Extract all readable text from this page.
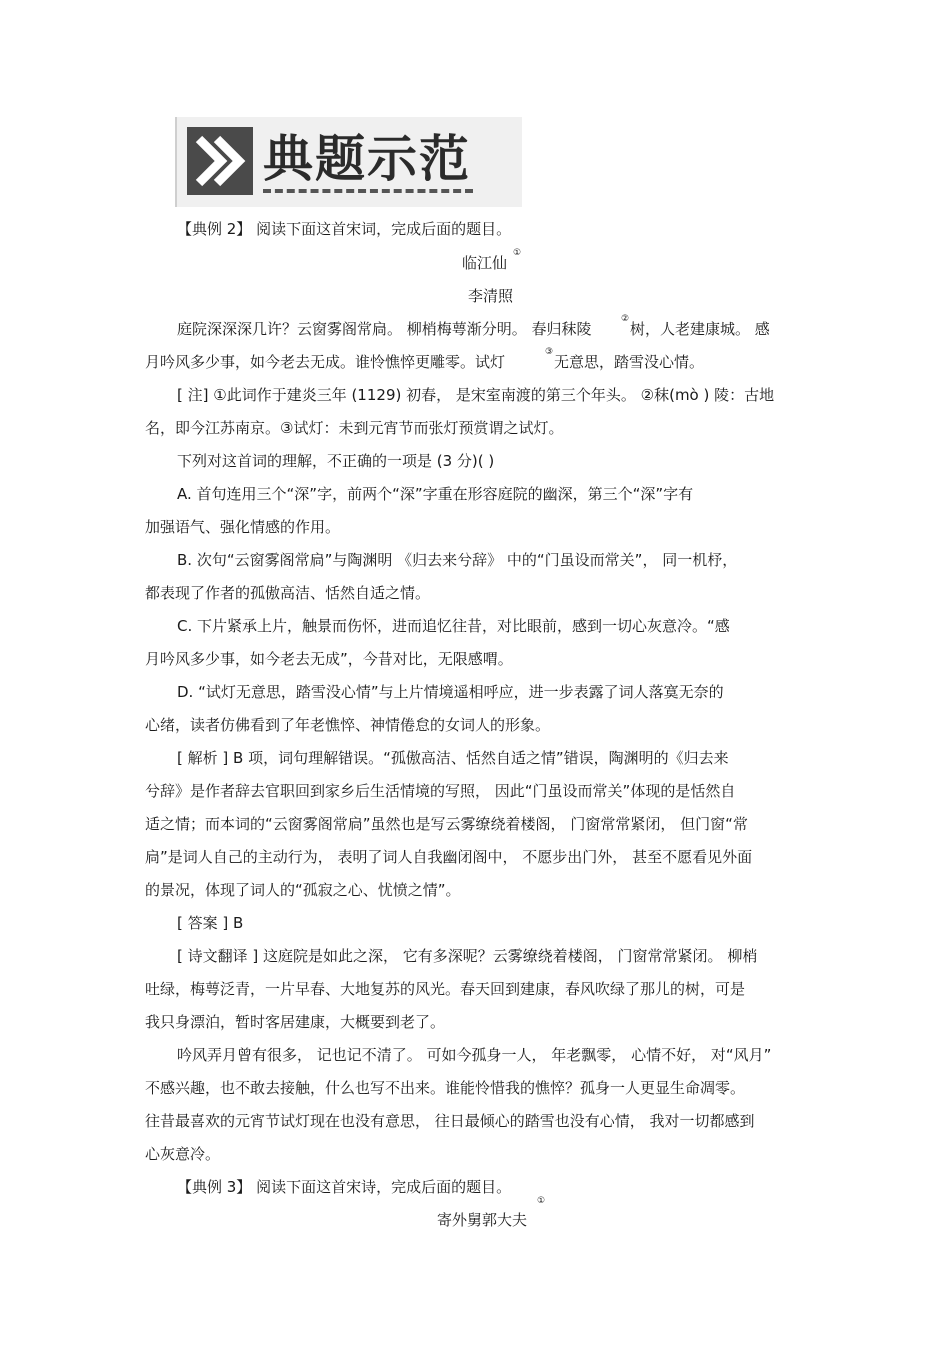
典题示范
【典例 2】 阅读下面这首宋词，完成后面的题目。
临江仙
李清照
庭院深深深几许？云窗雾阁常扃。 柳梢梅萼渐分明。 春归秣陵	树，人老建康城。 感
月吟风多少事，如今老去无成。谁怜憔悴更雕零。试灯	无意思，踏雪没心情。
[ 注] ①此词作于建炎三年 (1129) 初春， 是宋室南渡的第三个年头。 ②秣(mò ) 陵：古地
名，即今江苏南京。③试灯：未到元宵节而张灯预赏谓之试灯。
下列对这首词的理解，不正确的一项是 (3 分)( )
A. 首句连用三个“深”字，前两个“深”字重在形容庭院的幽深，第三个“深”字有
加强语气、强化情感的作用。
B. 次句“云窗雾阁常扃”与陶渊明 《归去来兮辞》 中的“门虽设而常关”， 同一机杼，
都表现了作者的孤傲高洁、恬然自适之情。
C. 下片紧承上片，触景而伤怀，进而追忆往昔，对比眼前，感到一切心灰意冷。“感
月吟风多少事，如今老去无成”，今昔对比，无限感喟。
D. “试灯无意思，踏雪没心情”与上片情境遥相呼应，进一步表露了词人落寞无奈的
心绪，读者仿佛看到了年老憔悴、神情倦怠的女词人的形象。
[ 解析 ] B 项，词句理解错误。“孤傲高洁、恬然自适之情”错误，陶渊明的《归去来
兮辞》是作者辞去官职回到家乡后生活情境的写照， 因此“门虽设而常关”体现的是恬然自
适之情；而本词的“云窗雾阁常扃”虽然也是写云雾缭绕着楼阁， 门窗常常紧闭， 但门窗“常
扃”是词人自己的主动行为， 表明了词人自我幽闭阁中， 不愿步出门外， 甚至不愿看见外面
的景况，体现了词人的“孤寂之心、忧愤之情”。
[ 答案 ] B
[ 诗文翻译 ] 这庭院是如此之深， 它有多深呢？云雾缭绕着楼阁， 门窗常常紧闭。 柳梢
吐绿，梅萼泛青，一片早春、大地复苏的风光。春天回到建康，春风吹绿了那儿的树，可是
我只身漂泊，暂时客居建康，大概要到老了。
吟风弄月曾有很多， 记也记不清了。 可如今孤身一人， 年老飘零， 心情不好， 对“风月”
不感兴趣，也不敢去接触，什么也写不出来。谁能怜惜我的憔悴？孤身一人更显生命凋零。
往昔最喜欢的元宵节试灯现在也没有意思， 往日最倾心的踏雪也没有心情， 我对一切都感到
心灰意冷。
【典例 3】 阅读下面这首宋诗，完成后面的题目。
寄外舅郭大夫
①
②
③
①
